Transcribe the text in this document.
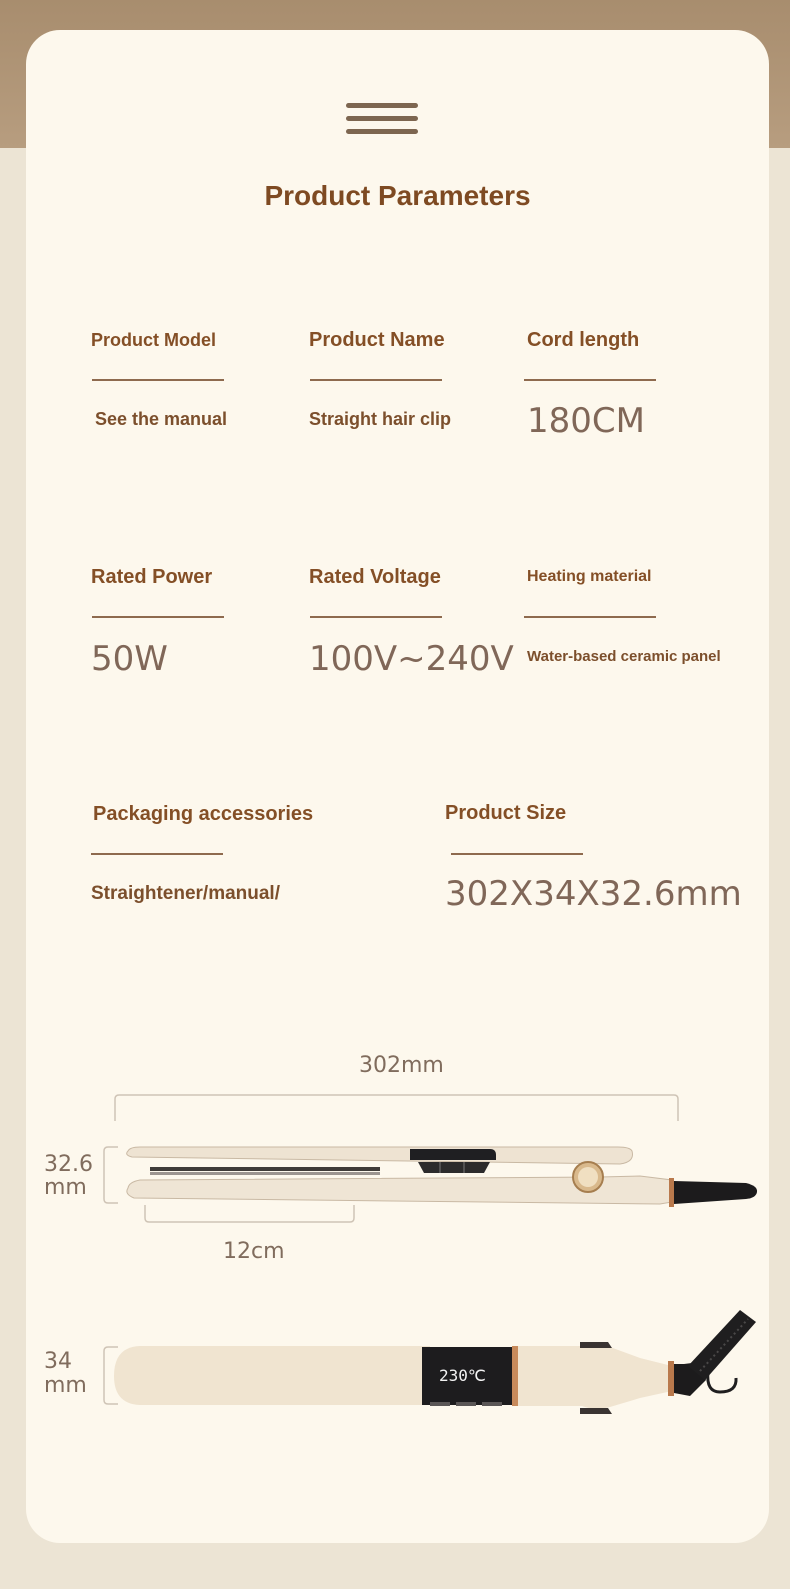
Product Parameters
Product Model
See the manual
Product Name
Straight hair clip
Cord length
180CM
Rated Power
50W
Rated Voltage
100V~240V
Heating material
Water-based ceramic panel
Packaging accessories
Straightener/manual/
Product Size
302X34X32.6mm
230℃
302mm
32.6
mm
12cm
34
mm
